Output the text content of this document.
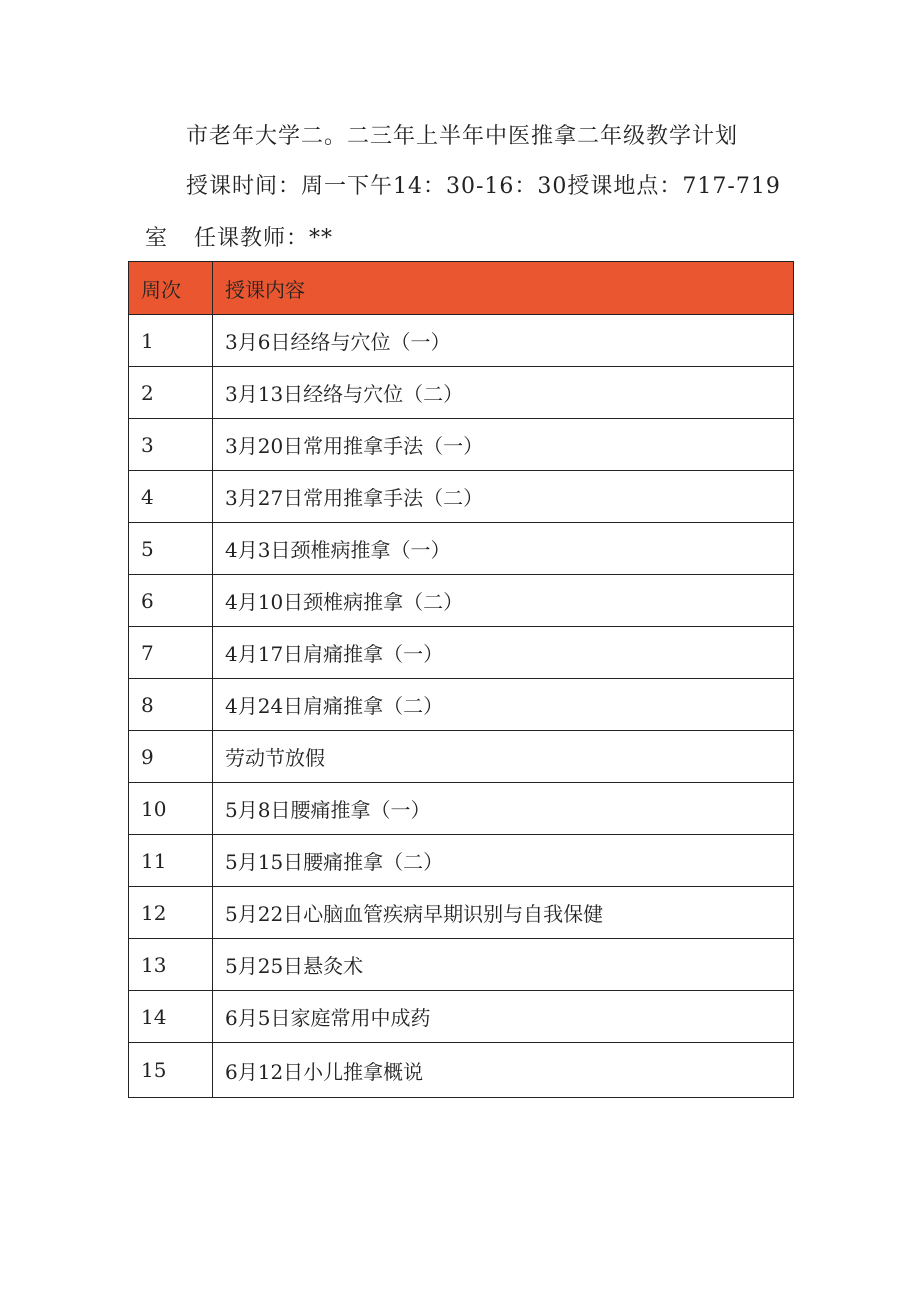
市老年大学二。二三年上半年中医推拿二年级教学计划
授课时间：周一下午14：30-16：30授课地点：717-719
室 任课教师：**
周次	授课内容
1	3月6日经络与穴位（一）
2	3月13日经络与穴位（二）
3	3月20日常用推拿手法（一）
4	3月27日常用推拿手法（二）
5	4月3日颈椎病推拿（一）
6	4月10日颈椎病推拿（二）
7	4月17日肩痛推拿（一）
8	4月24日肩痛推拿（二）
9	劳动节放假
10	5月8日腰痛推拿（一）
11	5月15日腰痛推拿（二）
12	5月22日心脑血管疾病早期识别与自我保健
13	5月25日悬灸术
14	6月5日家庭常用中成药
15	6月12日小儿推拿概说
